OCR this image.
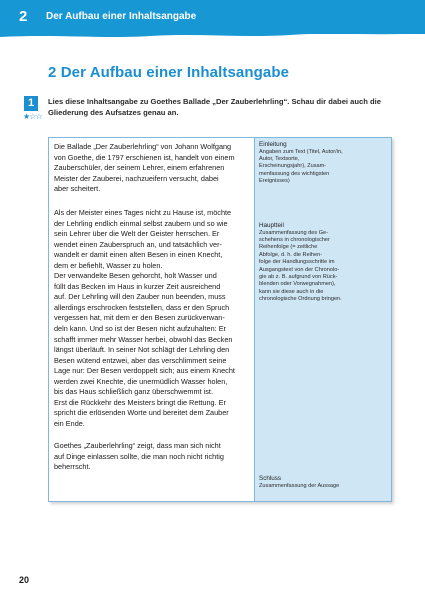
2 Der Aufbau einer Inhaltsangabe
2 Der Aufbau einer Inhaltsangabe
1
★☆☆
Lies diese Inhaltsangabe zu Goethes Ballade „Der Zauberlehrling“. Schau dir dabei auch die Gliederung des Aufsatzes genau an.

Die Ballade „Der Zauberlehrling“ von Johann Wolfgang
von Goethe, die 1797 erschienen ist, handelt von einem
Zauberschüler, der seinem Lehrer, einem erfahrenen
Meister der Zauberei, nachzueifern versucht, dabei
aber scheitert.

Als der Meister eines Tages nicht zu Hause ist, möchte
der Lehrling endlich einmal selbst zaubern und so wie
sein Lehrer über die Welt der Geister herrschen. Er
wendet einen Zauberspruch an, und tatsächlich ver-
wandelt er damit einen alten Besen in einen Knecht,
dem er befiehlt, Wasser zu holen.
Der verwandelte Besen gehorcht, holt Wasser und
füllt das Becken im Haus in kurzer Zeit ausreichend
auf. Der Lehrling will den Zauber nun beenden, muss
allerdings erschrocken feststellen, dass er den Spruch
vergessen hat, mit dem er den Besen zurückverwan-
deln kann. Und so ist der Besen nicht aufzuhalten: Er
schafft immer mehr Wasser herbei, obwohl das Becken
längst überläuft. In seiner Not schlägt der Lehrling den
Besen wütend entzwei, aber das verschlimmert seine
Lage nur: Der Besen verdoppelt sich; aus einem Knecht
werden zwei Knechte, die unermüdlich Wasser holen,
bis das Haus schließlich ganz überschwemmt ist.
Erst die Rückkehr des Meisters bringt die Rettung. Er
spricht die erlösenden Worte und bereitet dem Zauber
ein Ende.

Goethes „Zauberlehrling“ zeigt, dass man sich nicht
auf Dinge einlassen sollte, die man noch nicht richtig
beherrscht.

Einleitung
Angaben zum Text (Titel, Autor/in,
Autor, Textsorte,
Erscheinungsjahr), Zusam-
menfassung des wichtigsten
Ereignisses)
Hauptteil
Zusammenfassung des Ge-
schehens in chronologischer
Reihenfolge (= zeitliche
Abfolge, d. h. die Reihen-
folge der Handlungsschritte im
Ausgangstext von der Chronolo-
gie ab z. B. aufgrund von Rück-
blenden oder Vorwegnahmen),
kann sie diese auch in die
chronologische Ordnung bringen.
Schluss
Zusammenfassung der Aussage
20
